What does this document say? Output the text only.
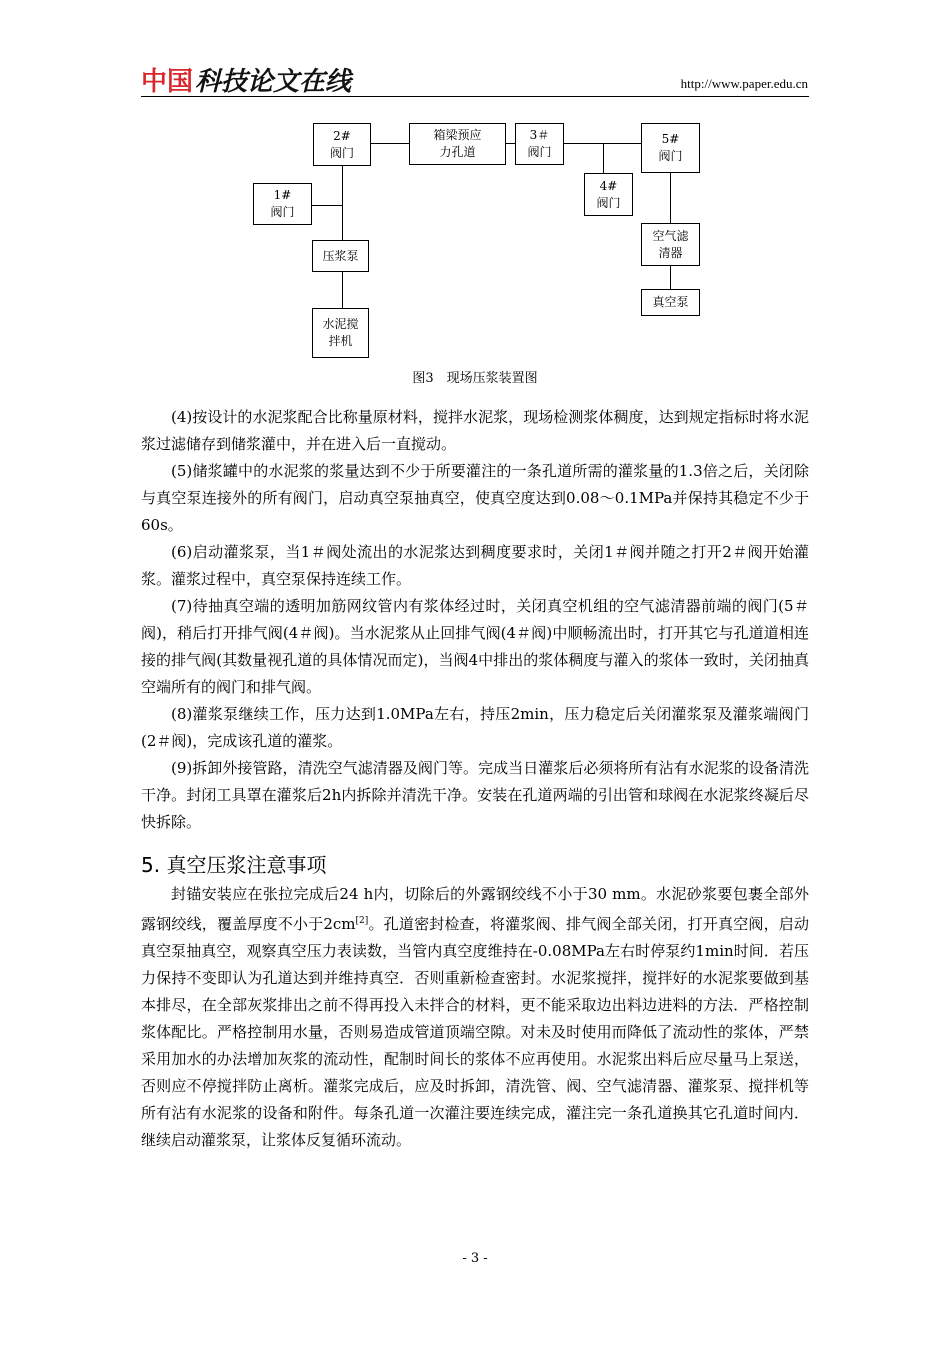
中国 科技论文在线	http://www.paper.edu.cn
2#
阀门
箱梁预应
力孔道
3＃
阀门
5#
阀门
1#
阀门
4#
阀门
压浆泵
空气滤
清器
水泥搅
拌机
真空泵
图3　现场压浆装置图

(4)按设计的水泥浆配合比称量原材料，搅拌水泥浆，现场检测浆体稠度，达到规定指标时将水泥浆过滤储存到储浆灌中，并在进入后一直搅动。

(5)储浆罐中的水泥浆的浆量达到不少于所要灌注的一条孔道所需的灌浆量的1.3倍之后，关闭除与真空泵连接外的所有阀门，启动真空泵抽真空，使真空度达到0.08～0.1MPa并保持其稳定不少于60s。

(6)启动灌浆泵，当1＃阀处流出的水泥浆达到稠度要求时，关闭1＃阀并随之打开2＃阀开始灌浆。灌浆过程中，真空泵保持连续工作。

(7)待抽真空端的透明加筋网纹管内有浆体经过时，关闭真空机组的空气滤清器前端的阀门(5＃阀)，稍后打开排气阀(4＃阀)。当水泥浆从止回排气阀(4＃阀)中顺畅流出时，打开其它与孔道道相连接的排气阀(其数量视孔道的具体情况而定)，当阀4中排出的浆体稠度与灌入的浆体一致时，关闭抽真空端所有的阀门和排气阀。

(8)灌浆泵继续工作，压力达到1.0MPa左右，持压2min，压力稳定后关闭灌浆泵及灌浆端阀门(2＃阀)，完成该孔道的灌浆。

(9)拆卸外接管路，清洗空气滤清器及阀门等。完成当日灌浆后必须将所有沾有水泥浆的设备清洗干净。封闭工具罩在灌浆后2h内拆除并清洗干净。安装在孔道两端的引出管和球阀在水泥浆终凝后尽快拆除。

5. 真空压浆注意事项

封锚安装应在张拉完成后24 h内，切除后的外露钢绞线不小于30 mm。水泥砂浆要包裹全部外露钢绞线，覆盖厚度不小于2cm[2]。孔道密封检查，将灌浆阀、排气阀全部关闭，打开真空阀，启动真空泵抽真空，观察真空压力表读数，当管内真空度维持在-0.08MPa左右时停泵约1min时间．若压力保持不变即认为孔道达到并维持真空．否则重新检查密封。水泥浆搅拌，搅拌好的水泥浆要做到基本排尽，在全部灰浆排出之前不得再投入未拌合的材料，更不能采取边出料边进料的方法．严格控制浆体配比。严格控制用水量，否则易造成管道顶端空隙。对未及时使用而降低了流动性的浆体，严禁采用加水的办法增加灰浆的流动性，配制时间长的浆体不应再使用。水泥浆出料后应尽量马上泵送，否则应不停搅拌防止离析。灌浆完成后，应及时拆卸，清洗管、阀、空气滤清器、灌浆泵、搅拌机等所有沾有水泥浆的设备和附件。每条孔道一次灌注要连续完成，灌注完一条孔道换其它孔道时间内．继续启动灌浆泵，让浆体反复循环流动。

- 3 -
